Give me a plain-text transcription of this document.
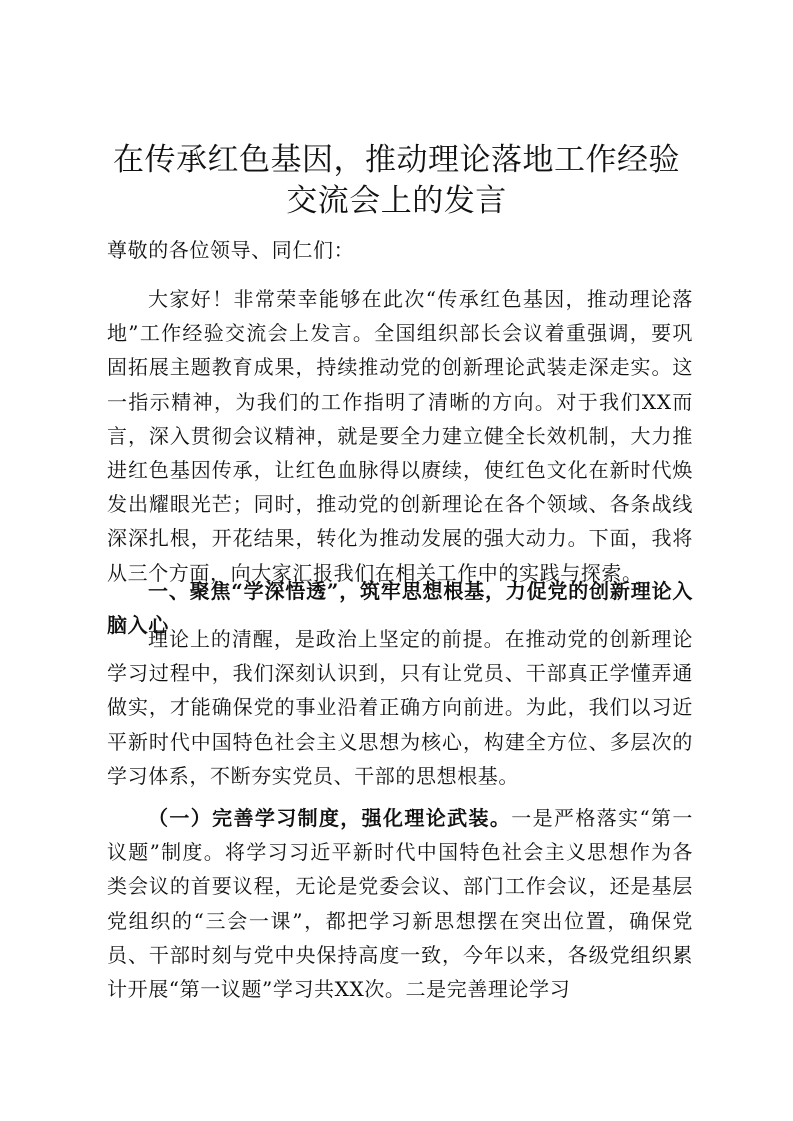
在传承红色基因，推动理论落地工作经验交流会上的发言

尊敬的各位领导、同仁们：

大家好！非常荣幸能够在此次“传承红色基因，推动理论落地”工作经验交流会上发言。全国组织部长会议着重强调，要巩固拓展主题教育成果，持续推动党的创新理论武装走深走实。这一指示精神，为我们的工作指明了清晰的方向。对于我们XX而言，深入贯彻会议精神，就是要全力建立健全长效机制，大力推进红色基因传承，让红色血脉得以赓续，使红色文化在新时代焕发出耀眼光芒；同时，推动党的创新理论在各个领域、各条战线深深扎根，开花结果，转化为推动发展的强大动力。下面，我将从三个方面，向大家汇报我们在相关工作中的实践与探索。

一、聚焦“学深悟透”，筑牢思想根基，力促党的创新理论入脑入心

理论上的清醒，是政治上坚定的前提。在推动党的创新理论学习过程中，我们深刻认识到，只有让党员、干部真正学懂弄通做实，才能确保党的事业沿着正确方向前进。为此，我们以习近平新时代中国特色社会主义思想为核心，构建全方位、多层次的学习体系，不断夯实党员、干部的思想根基。

（一）完善学习制度，强化理论武装。一是严格落实“第一议题”制度。将学习习近平新时代中国特色社会主义思想作为各类会议的首要议程，无论是党委会议、部门工作会议，还是基层党组织的“三会一课”，都把学习新思想摆在突出位置，确保党员、干部时刻与党中央保持高度一致，今年以来，各级党组织累计开展“第一议题”学习共XX次。二是完善理论学习
